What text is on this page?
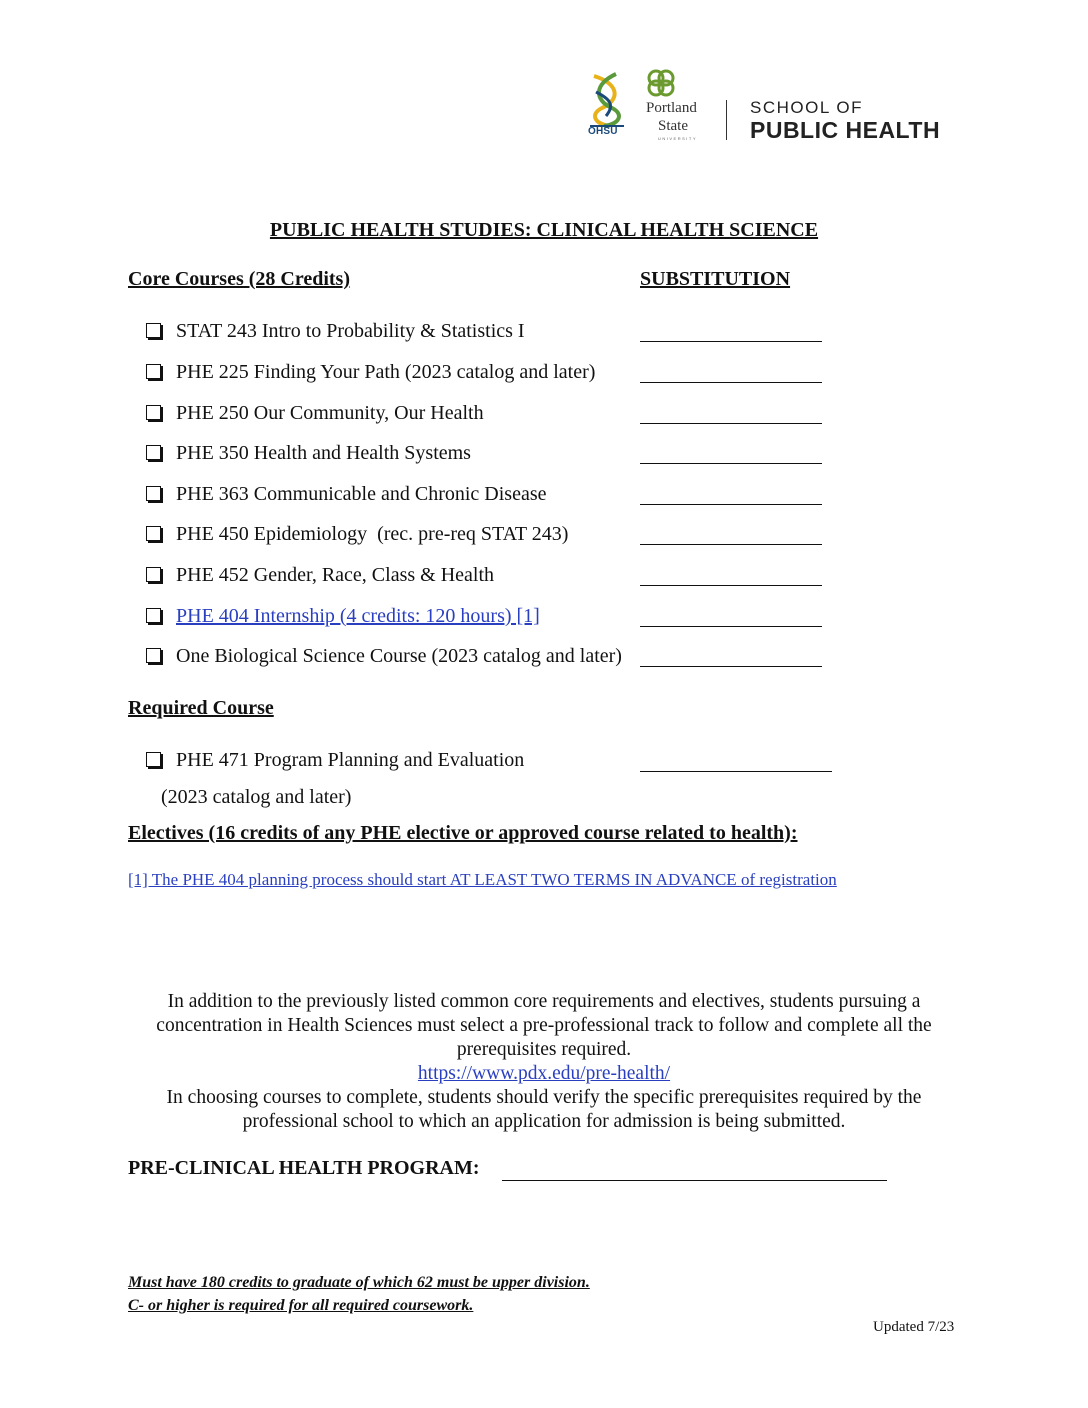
OHSU
Portland
State
UNIVERSITY
SCHOOL OF
PUBLIC HEALTH
PUBLIC HEALTH STUDIES: CLINICAL HEALTH SCIENCE
Core Courses (28 Credits)	SUBSTITUTION
STAT 243 Intro to Probability & Statistics I
PHE 225 Finding Your Path (2023 catalog and later)
PHE 250 Our Community, Our Health
PHE 350 Health and Health Systems
PHE 363 Communicable and Chronic Disease
PHE 450 Epidemiology  (rec. pre-req STAT 243)
PHE 452 Gender, Race, Class & Health
PHE 404 Internship (4 credits: 120 hours) [1]
One Biological Science Course (2023 catalog and later)
Required Course
PHE 471 Program Planning and Evaluation
(2023 catalog and later)
Electives (16 credits of any PHE elective or approved course related to health):
[1] The PHE 404 planning process should start AT LEAST TWO TERMS IN ADVANCE of registration
In addition to the previously listed common core requirements and electives, students pursuing a concentration in Health Sciences must select a pre-professional track to follow and complete all the prerequisites required.
https://www.pdx.edu/pre-health/
In choosing courses to complete, students should verify the specific prerequisites required by the professional school to which an application for admission is being submitted.
PRE-CLINICAL HEALTH PROGRAM:
Must have 180 credits to graduate of which 62 must be upper division.
C- or higher is required for all required coursework.
Updated 7/23
